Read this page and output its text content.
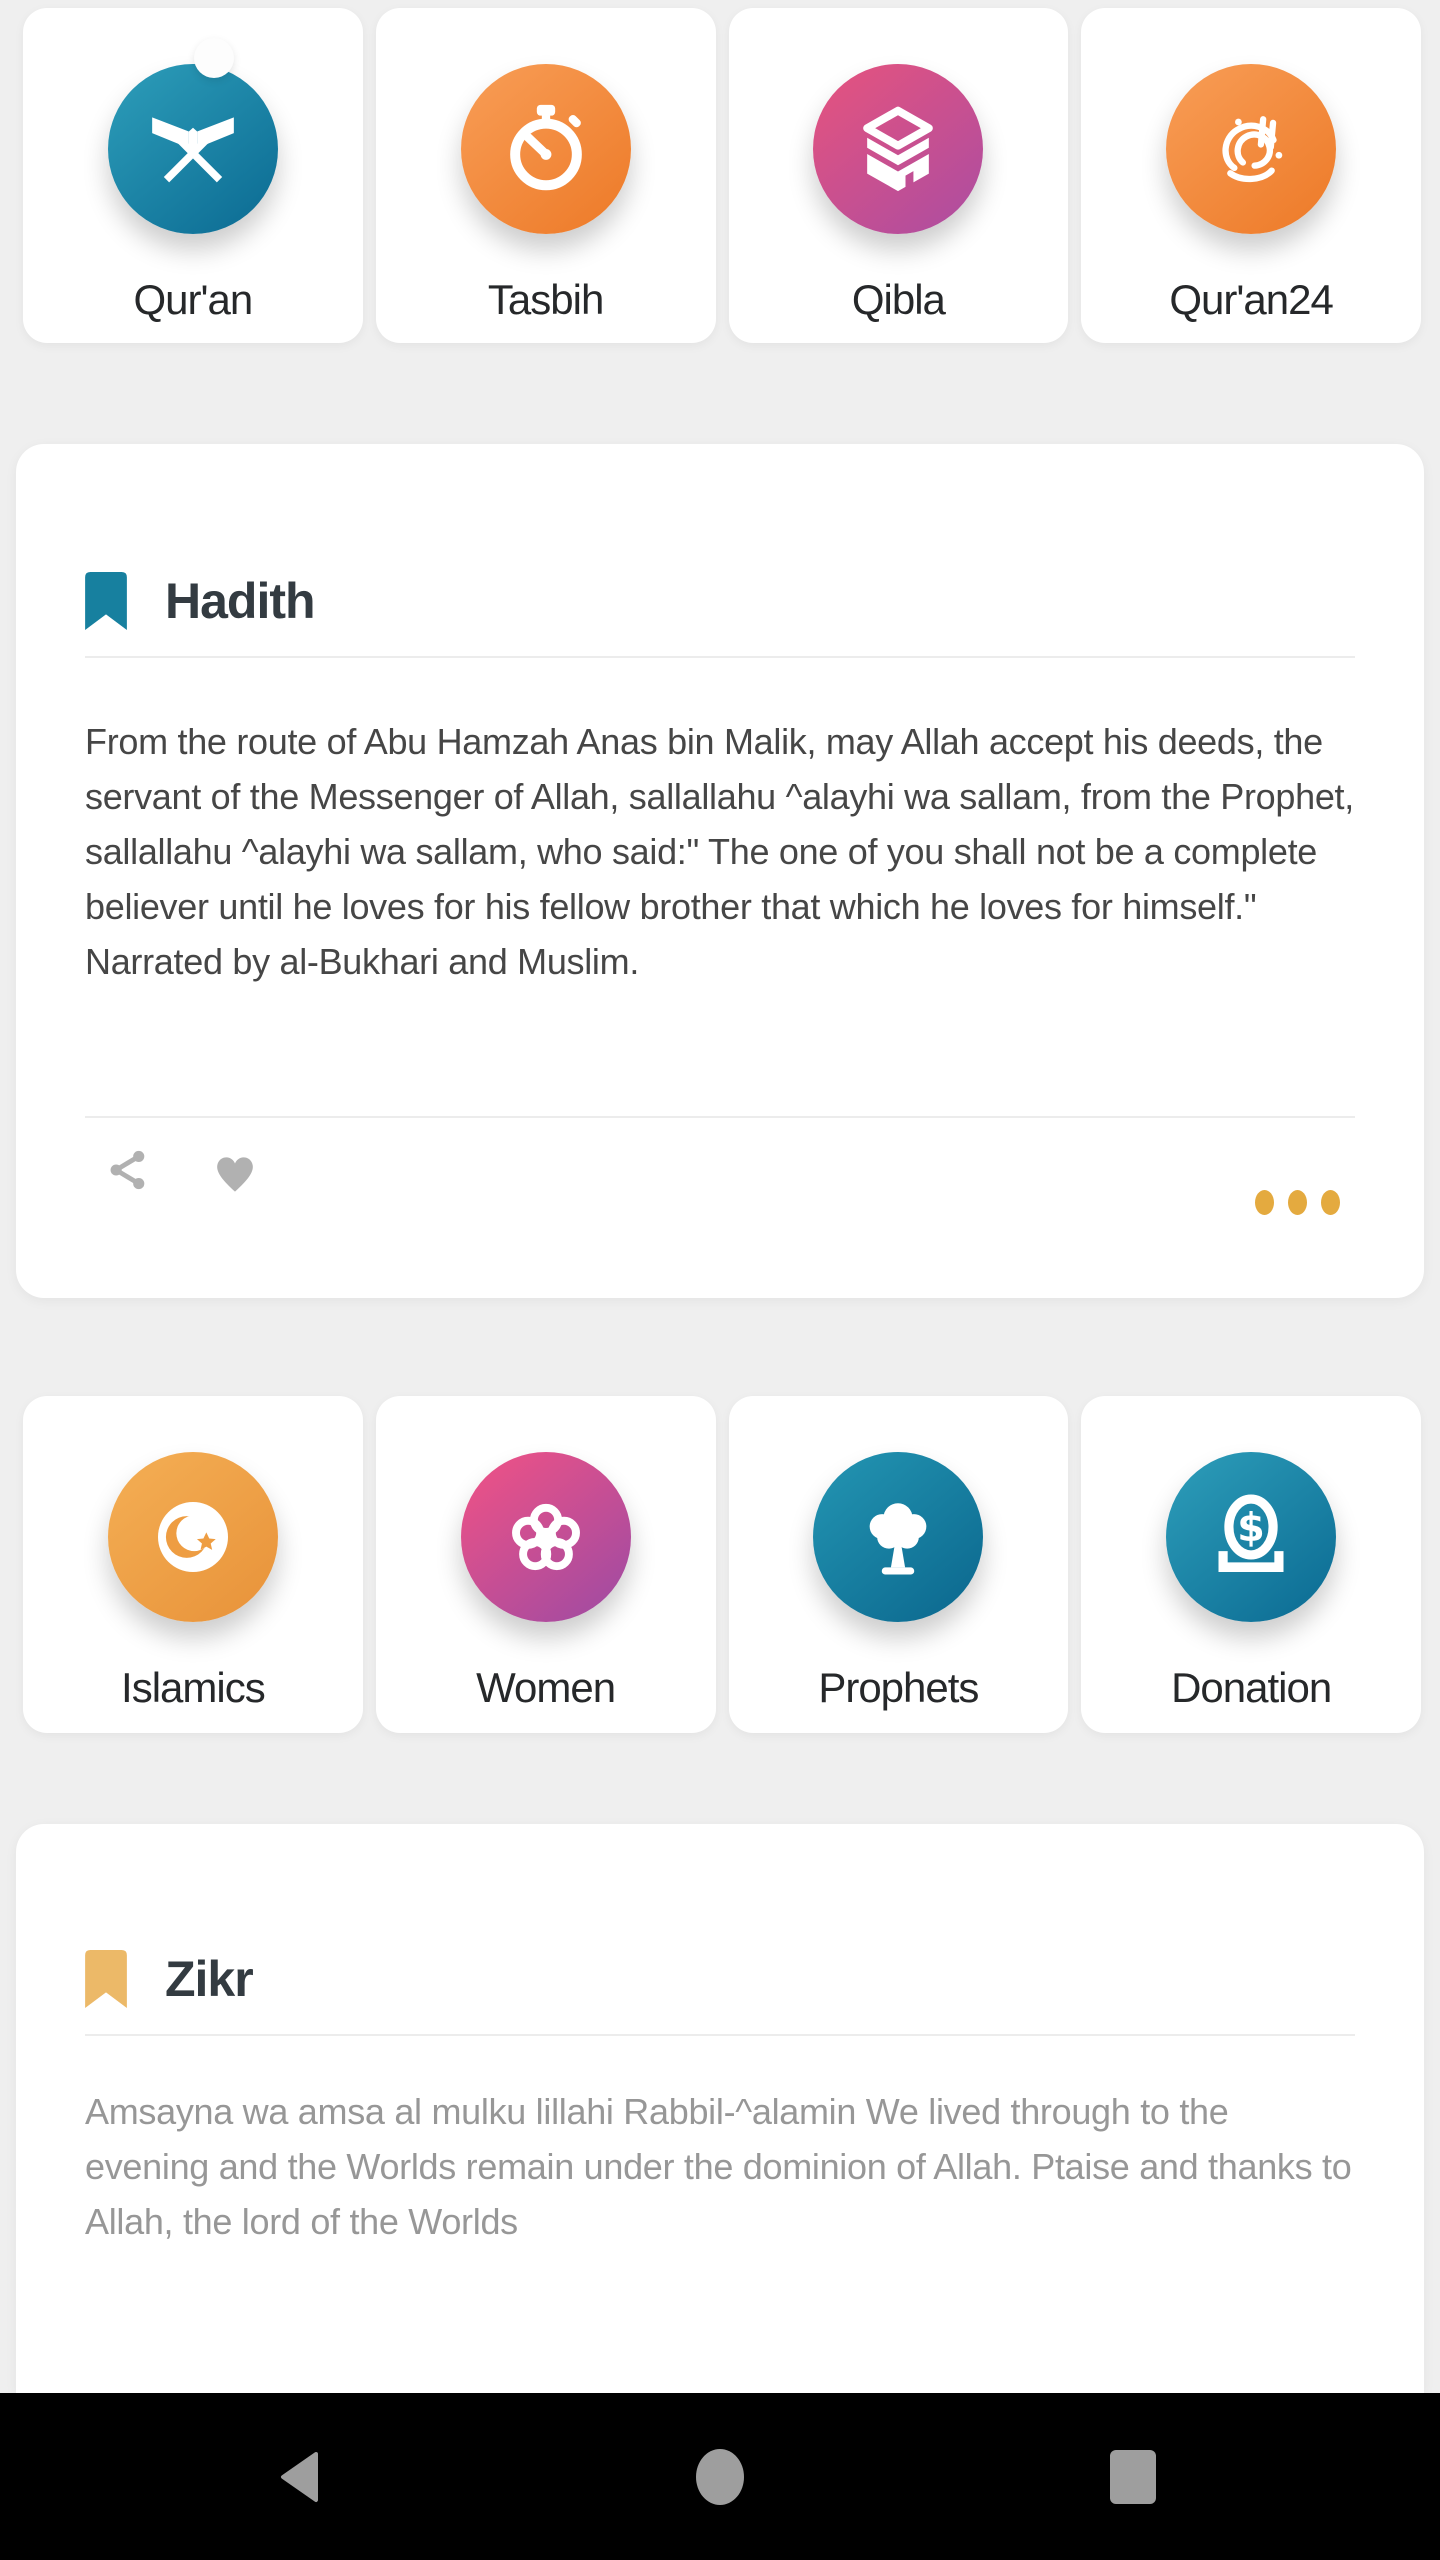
Qur'an	Tasbih	Qibla	Qur'an24
Hadith

From the route of Abu Hamzah Anas bin Malik, may Allah accept his deeds, the servant of the Messenger of Allah, sallallahu ^alayhi wa sallam, from the Prophet, sallallahu ^alayhi wa sallam, who said:" The one of you shall not be a complete believer until he loves for his fellow brother that which he loves for himself." Narrated by al-Bukhari and Muslim.

Islamics	Women	Prophets
$
Donation
Zikr

Amsayna wa amsa al mulku lillahi Rabbil-^alamin We lived through to the evening and the Worlds remain under the dominion of Allah. Ptaise and thanks to Allah, the lord of the Worlds
